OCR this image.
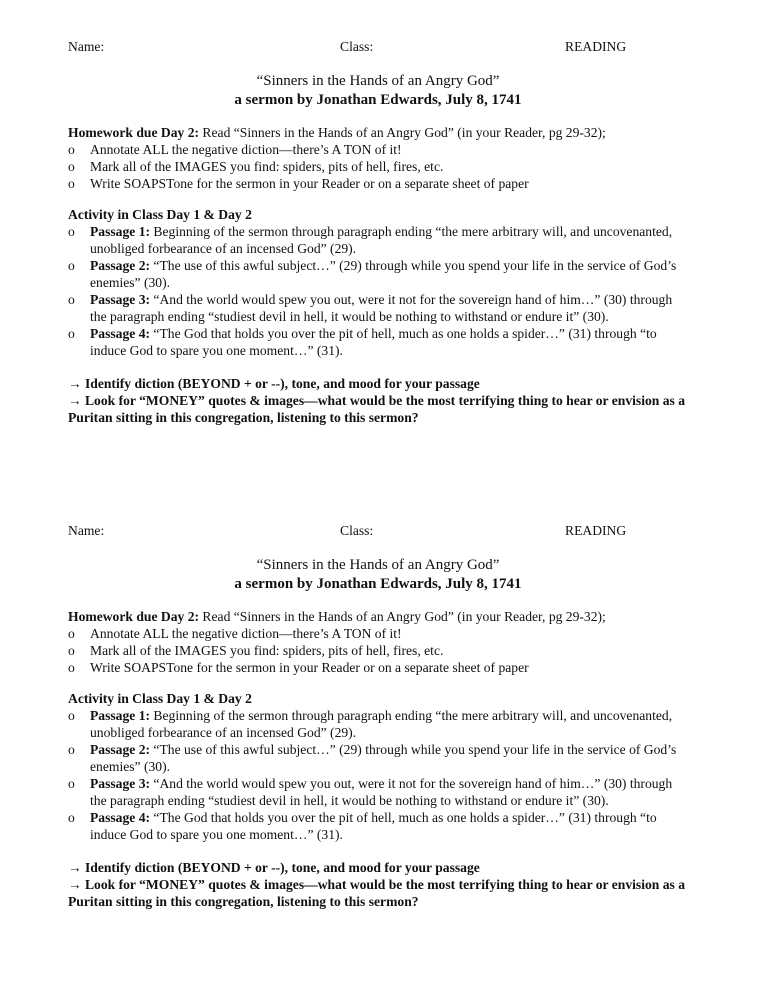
Name:	Class:	READING
“Sinners in the Hands of an Angry God”
a sermon by Jonathan Edwards, July 8, 1741
Homework due Day 2: Read “Sinners in the Hands of an Angry God” (in your Reader, pg 29-32);
o Annotate ALL the negative diction—there’s A TON of it!
o Mark all of the IMAGES you find: spiders, pits of hell, fires, etc.
o Write SOAPSTone for the sermon in your Reader or on a separate sheet of paper
Activity in Class Day 1 & Day 2
o Passage 1: Beginning of the sermon through paragraph ending “the mere arbitrary will, and uncovenanted, unobliged forbearance of an incensed God” (29).
o Passage 2: “The use of this awful subject…” (29) through while you spend your life in the service of God’s enemies” (30).
o Passage 3: “And the world would spew you out, were it not for the sovereign hand of him…” (30) through the paragraph ending “studiest devil in hell, it would be nothing to withstand or endure it” (30).
o Passage 4: “The God that holds you over the pit of hell, much as one holds a spider…” (31) through “to induce God to spare you one moment…” (31).
→ Identify diction (BEYOND + or --), tone, and mood for your passage
→ Look for “MONEY” quotes & images—what would be the most terrifying thing to hear or envision as a Puritan sitting in this congregation, listening to this sermon?
Name:	Class:	READING
“Sinners in the Hands of an Angry God”
a sermon by Jonathan Edwards, July 8, 1741
Homework due Day 2: Read “Sinners in the Hands of an Angry God” (in your Reader, pg 29-32);
o Annotate ALL the negative diction—there’s A TON of it!
o Mark all of the IMAGES you find: spiders, pits of hell, fires, etc.
o Write SOAPSTone for the sermon in your Reader or on a separate sheet of paper
Activity in Class Day 1 & Day 2
o Passage 1: Beginning of the sermon through paragraph ending “the mere arbitrary will, and uncovenanted, unobliged forbearance of an incensed God” (29).
o Passage 2: “The use of this awful subject…” (29) through while you spend your life in the service of God’s enemies” (30).
o Passage 3: “And the world would spew you out, were it not for the sovereign hand of him…” (30) through the paragraph ending “studiest devil in hell, it would be nothing to withstand or endure it” (30).
o Passage 4: “The God that holds you over the pit of hell, much as one holds a spider…” (31) through “to induce God to spare you one moment…” (31).
→ Identify diction (BEYOND + or --), tone, and mood for your passage
→ Look for “MONEY” quotes & images—what would be the most terrifying thing to hear or envision as a Puritan sitting in this congregation, listening to this sermon?
